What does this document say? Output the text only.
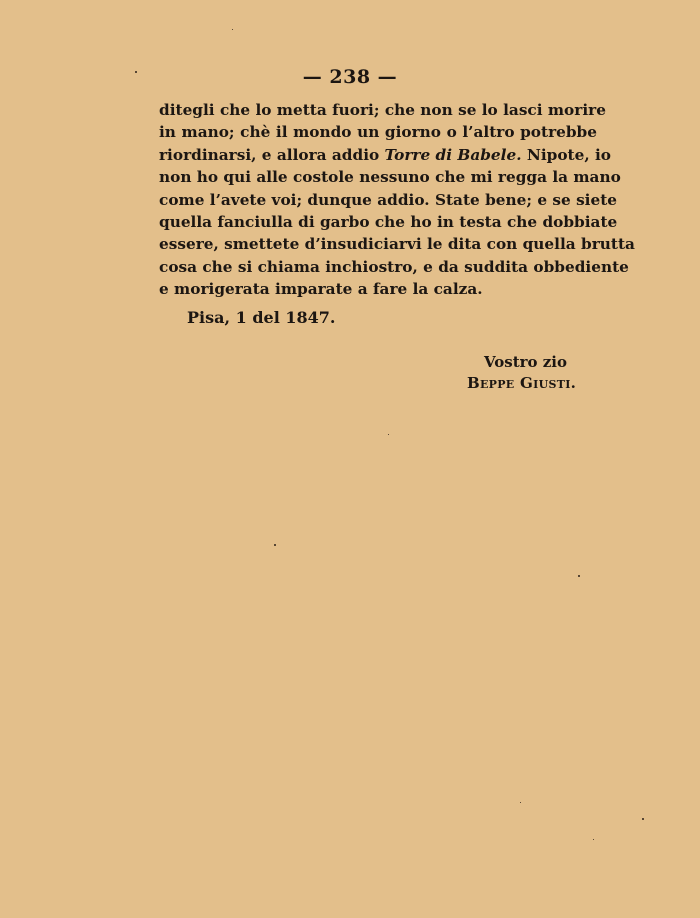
— 238 —
ditegli che lo metta fuori; che non se lo lasci morire
in mano; chè il mondo un giorno o l’altro potrebbe
riordinarsi, e allora addio Torre di Babele. Nipote, io
non ho qui alle costole nessuno che mi regga la mano
come l’avete voi; dunque addio. State bene; e se siete
quella fanciulla di garbo che ho in testa che dobbiate
essere, smettete d’insudiciarvi le dita con quella brutta
cosa che si chiama inchiostro, e da suddita obbediente
e morigerata imparate a fare la calza.
Pisa, 1 del 1847.
Vostro zio
Beppe Giusti.
